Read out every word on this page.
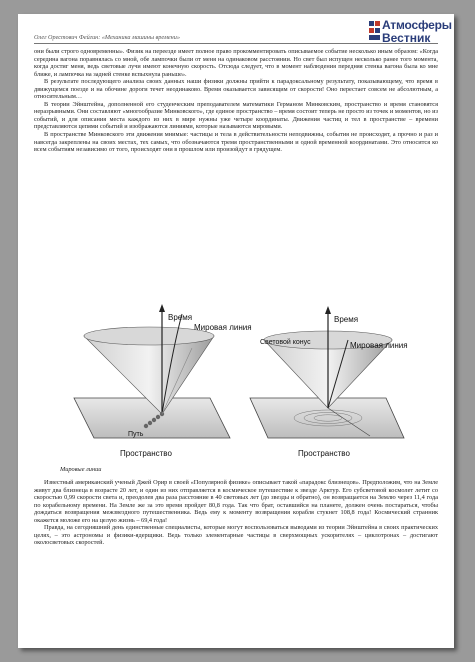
Олег Орестович Фейгин: «Механика машины времени»
Атмосферы
Вестник

они были строго одновременны». Физик на переезде имеет полное право прокомментировать описываемое событие несколько иным образом: «Когда середина вагона поравнялась со мной, обе лампочки были от меня на одинаковом расстоянии. Но свет был испущен несколько ранее того момента, когда достиг меня, ведь световые лучи имеют конечную скорость. Отсюда следует, что в момент наблюдения передняя стенка вагона была ко мне ближе, и лампочка на задней стенке вспыхнула раньше».

В результате последующего анализа своих данных наши физики должны прийти к парадоксальному результату, показывающему, что время в движущемся поезде и на обочине дороги течет неодинаково. Время оказывается зависящим от скорости! Оно перестает совсем не абсолютным, а относительным…

В теории Эйнштейна, дополненной его студенческим преподавателем математики Германом Минковским, пространство и время становятся неразрывными. Они составляют «многообразие Минковского», где единое пространство – время состоит теперь не просто из точек и моментов, но из событий, и для описания места каждого из них в мире нужны уже четыре координаты. Движения частиц и тел в пространстве – времени представляются цепями событий и изображаются линиями, которые называются мировыми.

В пространстве Минковского эти движения мнимые: частицы и тела в действительности неподвижны, события не происходят, а прочно и раз и навсегда закреплены на своих местах, тех самых, что обозначаются тремя пространственными и одной временной координатами. Это относится ко всем событиям независимо от того, происходят они в прошлом или произойдут в грядущем.

Время
Мировая линия
Путь
Пространство
Время
Световой конус	Мировая линия
Пространство
Мировые линии

Известный американский ученый Джей Орир в своей «Популярной физике» описывает такой «парадокс близнецов». Предположим, что на Земле живут два близнеца в возрасте 20 лет, и один из них отправляется в космическое путешествие к звезде Арктур. Его субсветовой космолет летит со скоростью 0,99 скорости света и, преодолев два раза расстояние в 40 световых лет (до звезды и обратно), он возвращается на Землю через 11,4 года по корабельному времени. На Земле же за это время пройдет 80,8 года. Так что брат, оставшийся на планете, должен очень постараться, чтобы дождаться возвращения межзвездного путешественника. Ведь ему к моменту возвращения корабля стукнет 108,8 года! Космический странник окажется моложе его на целую жизнь – 69,4 года!

Правда, на сегодняшний день единственные специалисты, которые могут воспользоваться выводами из теории Эйнштейна в своих практических целях, – это астрономы и физики-ядерщики. Ведь только элементарные частицы в сверхмощных ускорителях – циклотронах – достигают околосветовых скоростей.
